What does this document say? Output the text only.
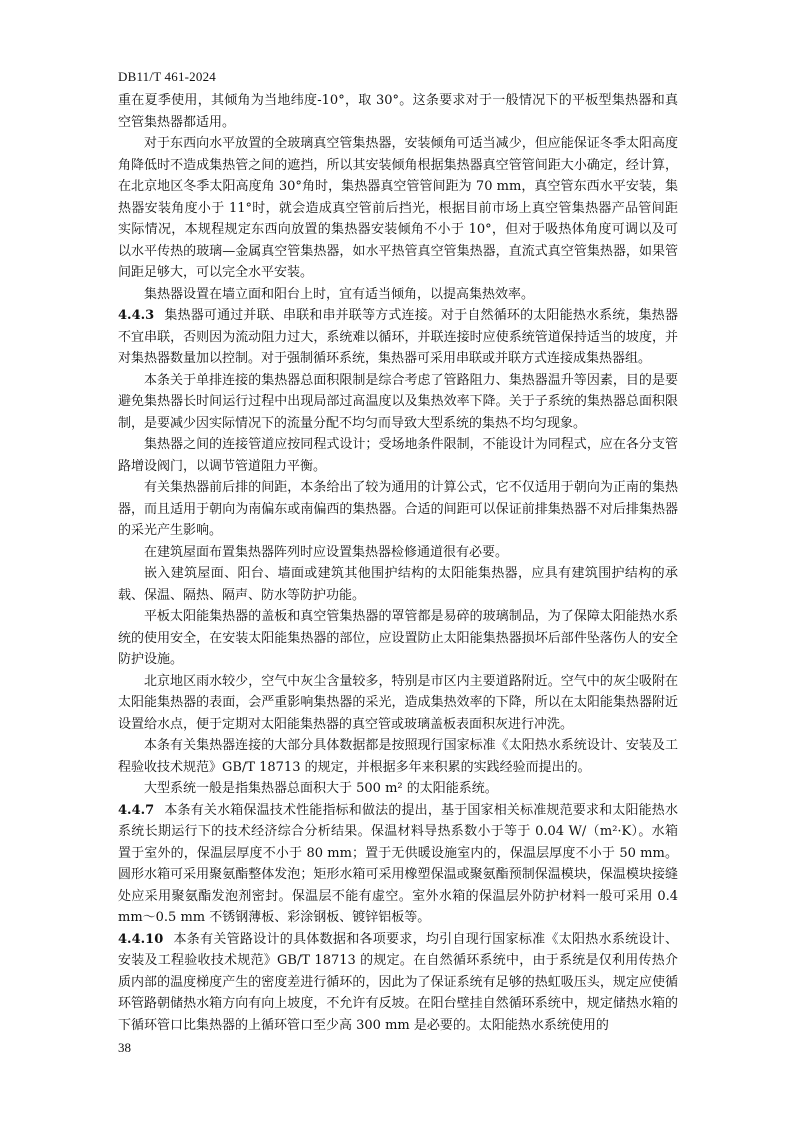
DB11/T 461-2024

重在夏季使用，其倾角为当地纬度-10°，取 30°。这条要求对于一般情况下的平板型集热器和真空管集热器都适用。

对于东西向水平放置的全玻璃真空管集热器，安装倾角可适当减少，但应能保证冬季太阳高度角降低时不造成集热管之间的遮挡，所以其安装倾角根据集热器真空管管间距大小确定，经计算，在北京地区冬季太阳高度角 30°角时，集热器真空管管间距为 70 mm，真空管东西水平安装，集热器安装角度小于 11°时，就会造成真空管前后挡光，根据目前市场上真空管集热器产品管间距实际情况，本规程规定东西向放置的集热器安装倾角不小于 10°，但对于吸热体角度可调以及可以水平传热的玻璃—金属真空管集热器，如水平热管真空管集热器，直流式真空管集热器，如果管间距足够大，可以完全水平安装。

集热器设置在墙立面和阳台上时，宜有适当倾角，以提高集热效率。

4.4.3 集热器可通过并联、串联和串并联等方式连接。对于自然循环的太阳能热水系统，集热器不宜串联，否则因为流动阻力过大，系统难以循环，并联连接时应使系统管道保持适当的坡度，并对集热器数量加以控制。对于强制循环系统，集热器可采用串联或并联方式连接成集热器组。

本条关于单排连接的集热器总面积限制是综合考虑了管路阻力、集热器温升等因素，目的是要避免集热器长时间运行过程中出现局部过高温度以及集热效率下降。关于子系统的集热器总面积限制，是要减少因实际情况下的流量分配不均匀而导致大型系统的集热不均匀现象。

集热器之间的连接管道应按同程式设计；受场地条件限制，不能设计为同程式，应在各分支管路增设阀门，以调节管道阻力平衡。

有关集热器前后排的间距，本条给出了较为通用的计算公式，它不仅适用于朝向为正南的集热器，而且适用于朝向为南偏东或南偏西的集热器。合适的间距可以保证前排集热器不对后排集热器的采光产生影响。

在建筑屋面布置集热器阵列时应设置集热器检修通道很有必要。

嵌入建筑屋面、阳台、墙面或建筑其他围护结构的太阳能集热器，应具有建筑围护结构的承载、保温、隔热、隔声、防水等防护功能。

平板太阳能集热器的盖板和真空管集热器的罩管都是易碎的玻璃制品，为了保障太阳能热水系统的使用安全，在安装太阳能集热器的部位，应设置防止太阳能集热器损坏后部件坠落伤人的安全防护设施。

北京地区雨水较少，空气中灰尘含量较多，特别是市区内主要道路附近。空气中的灰尘吸附在太阳能集热器的表面，会严重影响集热器的采光，造成集热效率的下降，所以在太阳能集热器附近设置给水点，便于定期对太阳能集热器的真空管或玻璃盖板表面积灰进行冲洗。

本条有关集热器连接的大部分具体数据都是按照现行国家标准《太阳热水系统设计、安装及工程验收技术规范》GB/T 18713 的规定，并根据多年来积累的实践经验而提出的。

大型系统一般是指集热器总面积大于 500 m² 的太阳能系统。

4.4.7 本条有关水箱保温技术性能指标和做法的提出，基于国家相关标准规范要求和太阳能热水系统长期运行下的技术经济综合分析结果。保温材料导热系数小于等于 0.04 W/（m²·K）。水箱置于室外的，保温层厚度不小于 80 mm；置于无供暖设施室内的，保温层厚度不小于 50 mm。圆形水箱可采用聚氨酯整体发泡；矩形水箱可采用橡塑保温或聚氨酯预制保温模块，保温模块接缝处应采用聚氨酯发泡剂密封。保温层不能有虚空。室外水箱的保温层外防护材料一般可采用 0.4 mm～0.5 mm 不锈钢薄板、彩涂钢板、镀锌铝板等。

4.4.10 本条有关管路设计的具体数据和各项要求，均引自现行国家标准《太阳热水系统设计、安装及工程验收技术规范》GB/T 18713 的规定。在自然循环系统中，由于系统是仅利用传热介质内部的温度梯度产生的密度差进行循环的，因此为了保证系统有足够的热虹吸压头，规定应使循环管路朝储热水箱方向有向上坡度，不允许有反坡。在阳台壁挂自然循环系统中，规定储热水箱的下循环管口比集热器的上循环管口至少高 300 mm 是必要的。太阳能热水系统使用的

38
